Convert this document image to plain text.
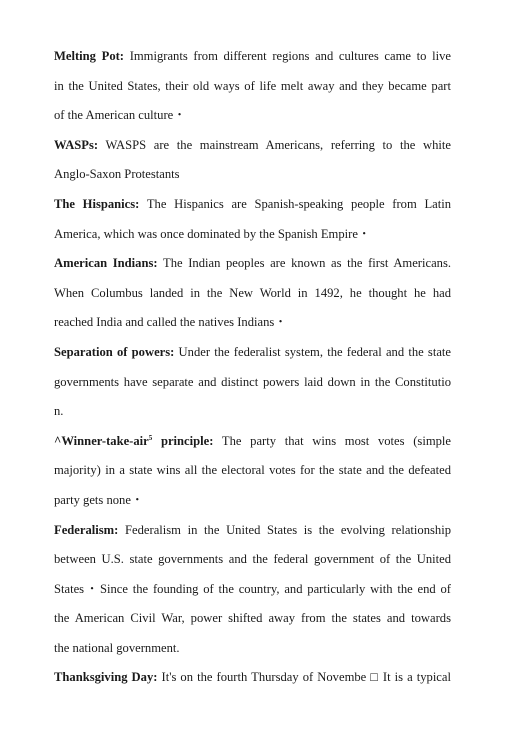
Melting Pot: Immigrants from different regions and cultures came to live
in the United States, their old ways of life melt away and they became part
of the American culture・
WASPs: WASPS are the mainstream Americans, referring to the white
Anglo-Saxon Protestants
The Hispanics: The Hispanics are Spanish-speaking people from Latin
America, which was once dominated by the Spanish Empire・
American Indians: The Indian peoples are known as the first Americans.
When Columbus landed in the New World in 1492, he thought he had
reached India and called the natives Indians・
Separation of powers: Under the federalist system, the federal and the state
governments have separate and distinct powers laid down in the Constitutio
n.
^Winner-take-air$^5$ principle: The party that wins most votes (simple
majority) in a state wins all the electoral votes for the state and the defeated
party gets none・
Federalism: Federalism in the United States is the evolving relationship
between U.S. state governments and the federal government of the United
States・Since the founding of the country, and particularly with the end of
the American Civil War, power shifted away from the states and towards
the national government.
Thanksgiving Day: It's on the fourth Thursday of Novembe □ It is a typical
